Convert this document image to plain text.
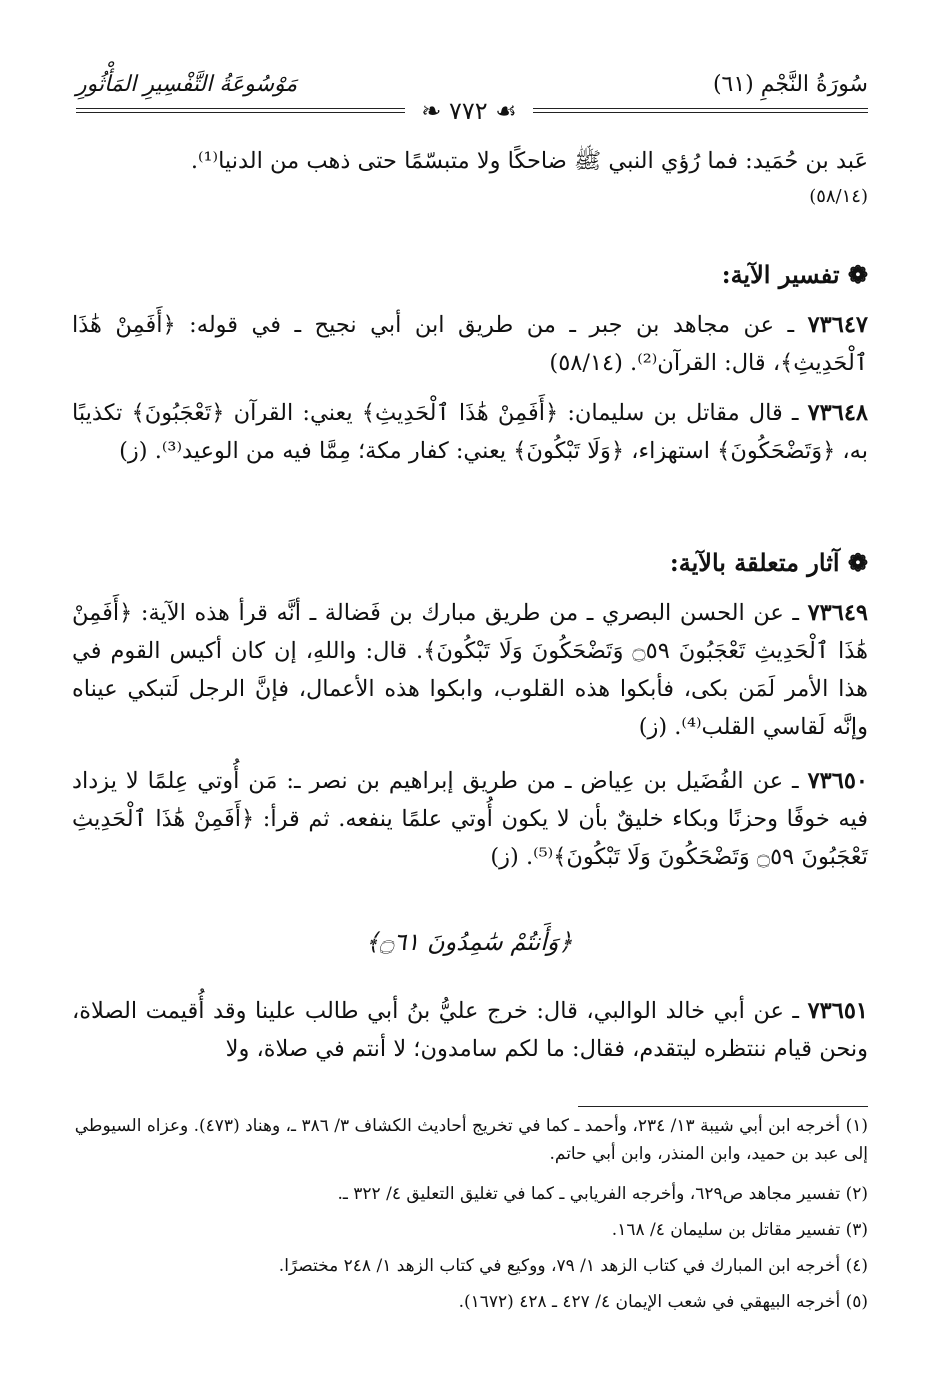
سُورَةُ النَّجْمِ (٦١)
مَوْسُوعَةُ التَّفْسِيرِ المَأْثُورِ
❧ ٧٧٢ ☙
عَبد بن حُمَيد: فما رُؤي النبي ﷺ ضاحكًا ولا متبسّمًا حتى ذهب من الدنيا⁽¹⁾.
(٥٨/١٤)
❁ تفسير الآية:
٧٣٦٤٧ ـ عن مجاهد بن جبر ـ من طريق ابن أبي نجيح ـ في قوله: ﴿أَفَمِنْ هَٰذَا ٱلْحَدِيثِ﴾، قال: القرآن⁽²⁾. (٥٨/١٤)
٧٣٦٤٨ ـ قال مقاتل بن سليمان: ﴿أَفَمِنْ هَٰذَا ٱلْحَدِيثِ﴾ يعني: القرآن ﴿تَعْجَبُونَ﴾ تكذيبًا به، ﴿وَتَضْحَكُونَ﴾ استهزاء، ﴿وَلَا تَبْكُونَ﴾ يعني: كفار مكة؛ مِمَّا فيه من الوعيد⁽³⁾. (ز)
❁ آثار متعلقة بالآية:
٧٣٦٤٩ ـ عن الحسن البصري ـ من طريق مبارك بن فَضالة ـ أنَّه قرأ هذه الآية: ﴿أَفَمِنْ هَٰذَا ٱلْحَدِيثِ تَعْجَبُونَ ۝٥٩ وَتَضْحَكُونَ وَلَا تَبْكُونَ﴾. قال: واللهِ، إن كان أكيس القوم في هذا الأمر لَمَن بكى، فأبكوا هذه القلوب، وابكوا هذه الأعمال، فإنَّ الرجل لَتبكي عيناه وإنَّه لَقاسي القلب⁽⁴⁾. (ز)
٧٣٦٥٠ ـ عن الفُضَيل بن عِياض ـ من طريق إبراهيم بن نصر ـ: مَن أُوتي عِلمًا لا يزداد فيه خوفًا وحزنًا وبكاء خليقٌ بأن لا يكون أُوتي علمًا ينفعه. ثم قرأ: ﴿أَفَمِنْ هَٰذَا ٱلْحَدِيثِ تَعْجَبُونَ ۝٥٩ وَتَضْحَكُونَ وَلَا تَبْكُونَ﴾⁽⁵⁾. (ز)
﴿وَأَنتُمْ سَٰمِدُونَ ۝٦١﴾
٧٣٦٥١ ـ عن أبي خالد الوالبي، قال: خرج عليُّ بنُ أبي طالب علينا وقد أُقيمت الصلاة، ونحن قيام ننتظره ليتقدم، فقال: ما لكم سامدون؛ لا أنتم في صلاة، ولا
(١) أخرجه ابن أبي شيبة ١٣/ ٢٣٤، وأحمد ـ كما في تخريج أحاديث الكشاف ٣/ ٣٨٦ ـ، وهناد (٤٧٣). وعزاه السيوطي إلى عبد بن حميد، وابن المنذر، وابن أبي حاتم.
(٢) تفسير مجاهد ص٦٢٩، وأخرجه الفريابي ـ كما في تغليق التعليق ٤/ ٣٢٢ ـ.
(٣) تفسير مقاتل بن سليمان ٤/ ١٦٨.
(٤) أخرجه ابن المبارك في كتاب الزهد ١/ ٧٩، ووكيع في كتاب الزهد ١/ ٢٤٨ مختصرًا.
(٥) أخرجه البيهقي في شعب الإيمان ٤/ ٤٢٧ ـ ٤٢٨ (١٦٧٢).
